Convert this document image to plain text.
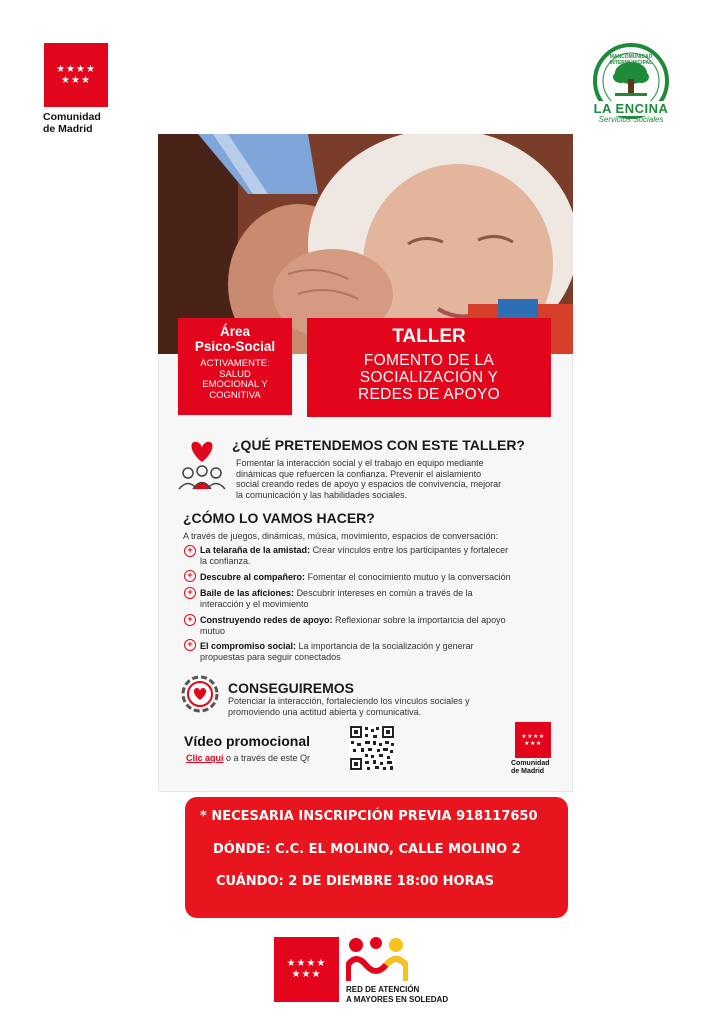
★★★★
★★★
Comunidad
de Madrid
MANCOMUNIDAD INTERMUNICIPAL
LA ENCINA
Servicios Sociales
Área
Psico-Social
ACTIVAMENTE:
SALUD
EMOCIONAL Y
COGNITIVA
TALLER
FOMENTO DE LA
SOCIALIZACIÓN Y
REDES DE APOYO
¿QUÉ PRETENDEMOS CON ESTE TALLER?
Fomentar la interacción social y el trabajo en equipo mediante
dinámicas que refuercen la confianza. Prevenir el aislamiento
social creando redes de apoyo y espacios de convivencia, mejorar
la comunicación y las habilidades sociales.
¿CÓMO LO VAMOS HACER?
A través de juegos, dinámicas, música, movimiento, espacios de conversación:
+ La telaraña de la amistad: Crear vínculos entre los participantes y fortalecer
la confianza.
+ Descubre al compañero: Fomentar el conocimiento mutuo y la conversación
+ Baile de las aficiones: Descubrir intereses en común a través de la
interacción y el movimiento
+ Construyendo redes de apoyo: Reflexionar sobre la importancia del apoyo
mutuo
+ El compromiso social: La importancia de la socialización y generar
propuestas para seguir conectados
CONSEGUIREMOS
Potenciar la interacción, fortaleciendo los vínculos sociales y
promoviendo una actitud abierta y comunicativa.
Vídeo promocional
Clic aquí o a través de este Qr
★★★★
★★★
Comunidad
de Madrid
* NECESARIA INSCRIPCIÓN PREVIA 918117650
DÓNDE: C.C. EL MOLINO, CALLE MOLINO 2
CUÁNDO: 2 DE DIEMBRE 18:00 HORAS
★★★★
★★★
RED DE ATENCIÓN
A MAYORES EN SOLEDAD
